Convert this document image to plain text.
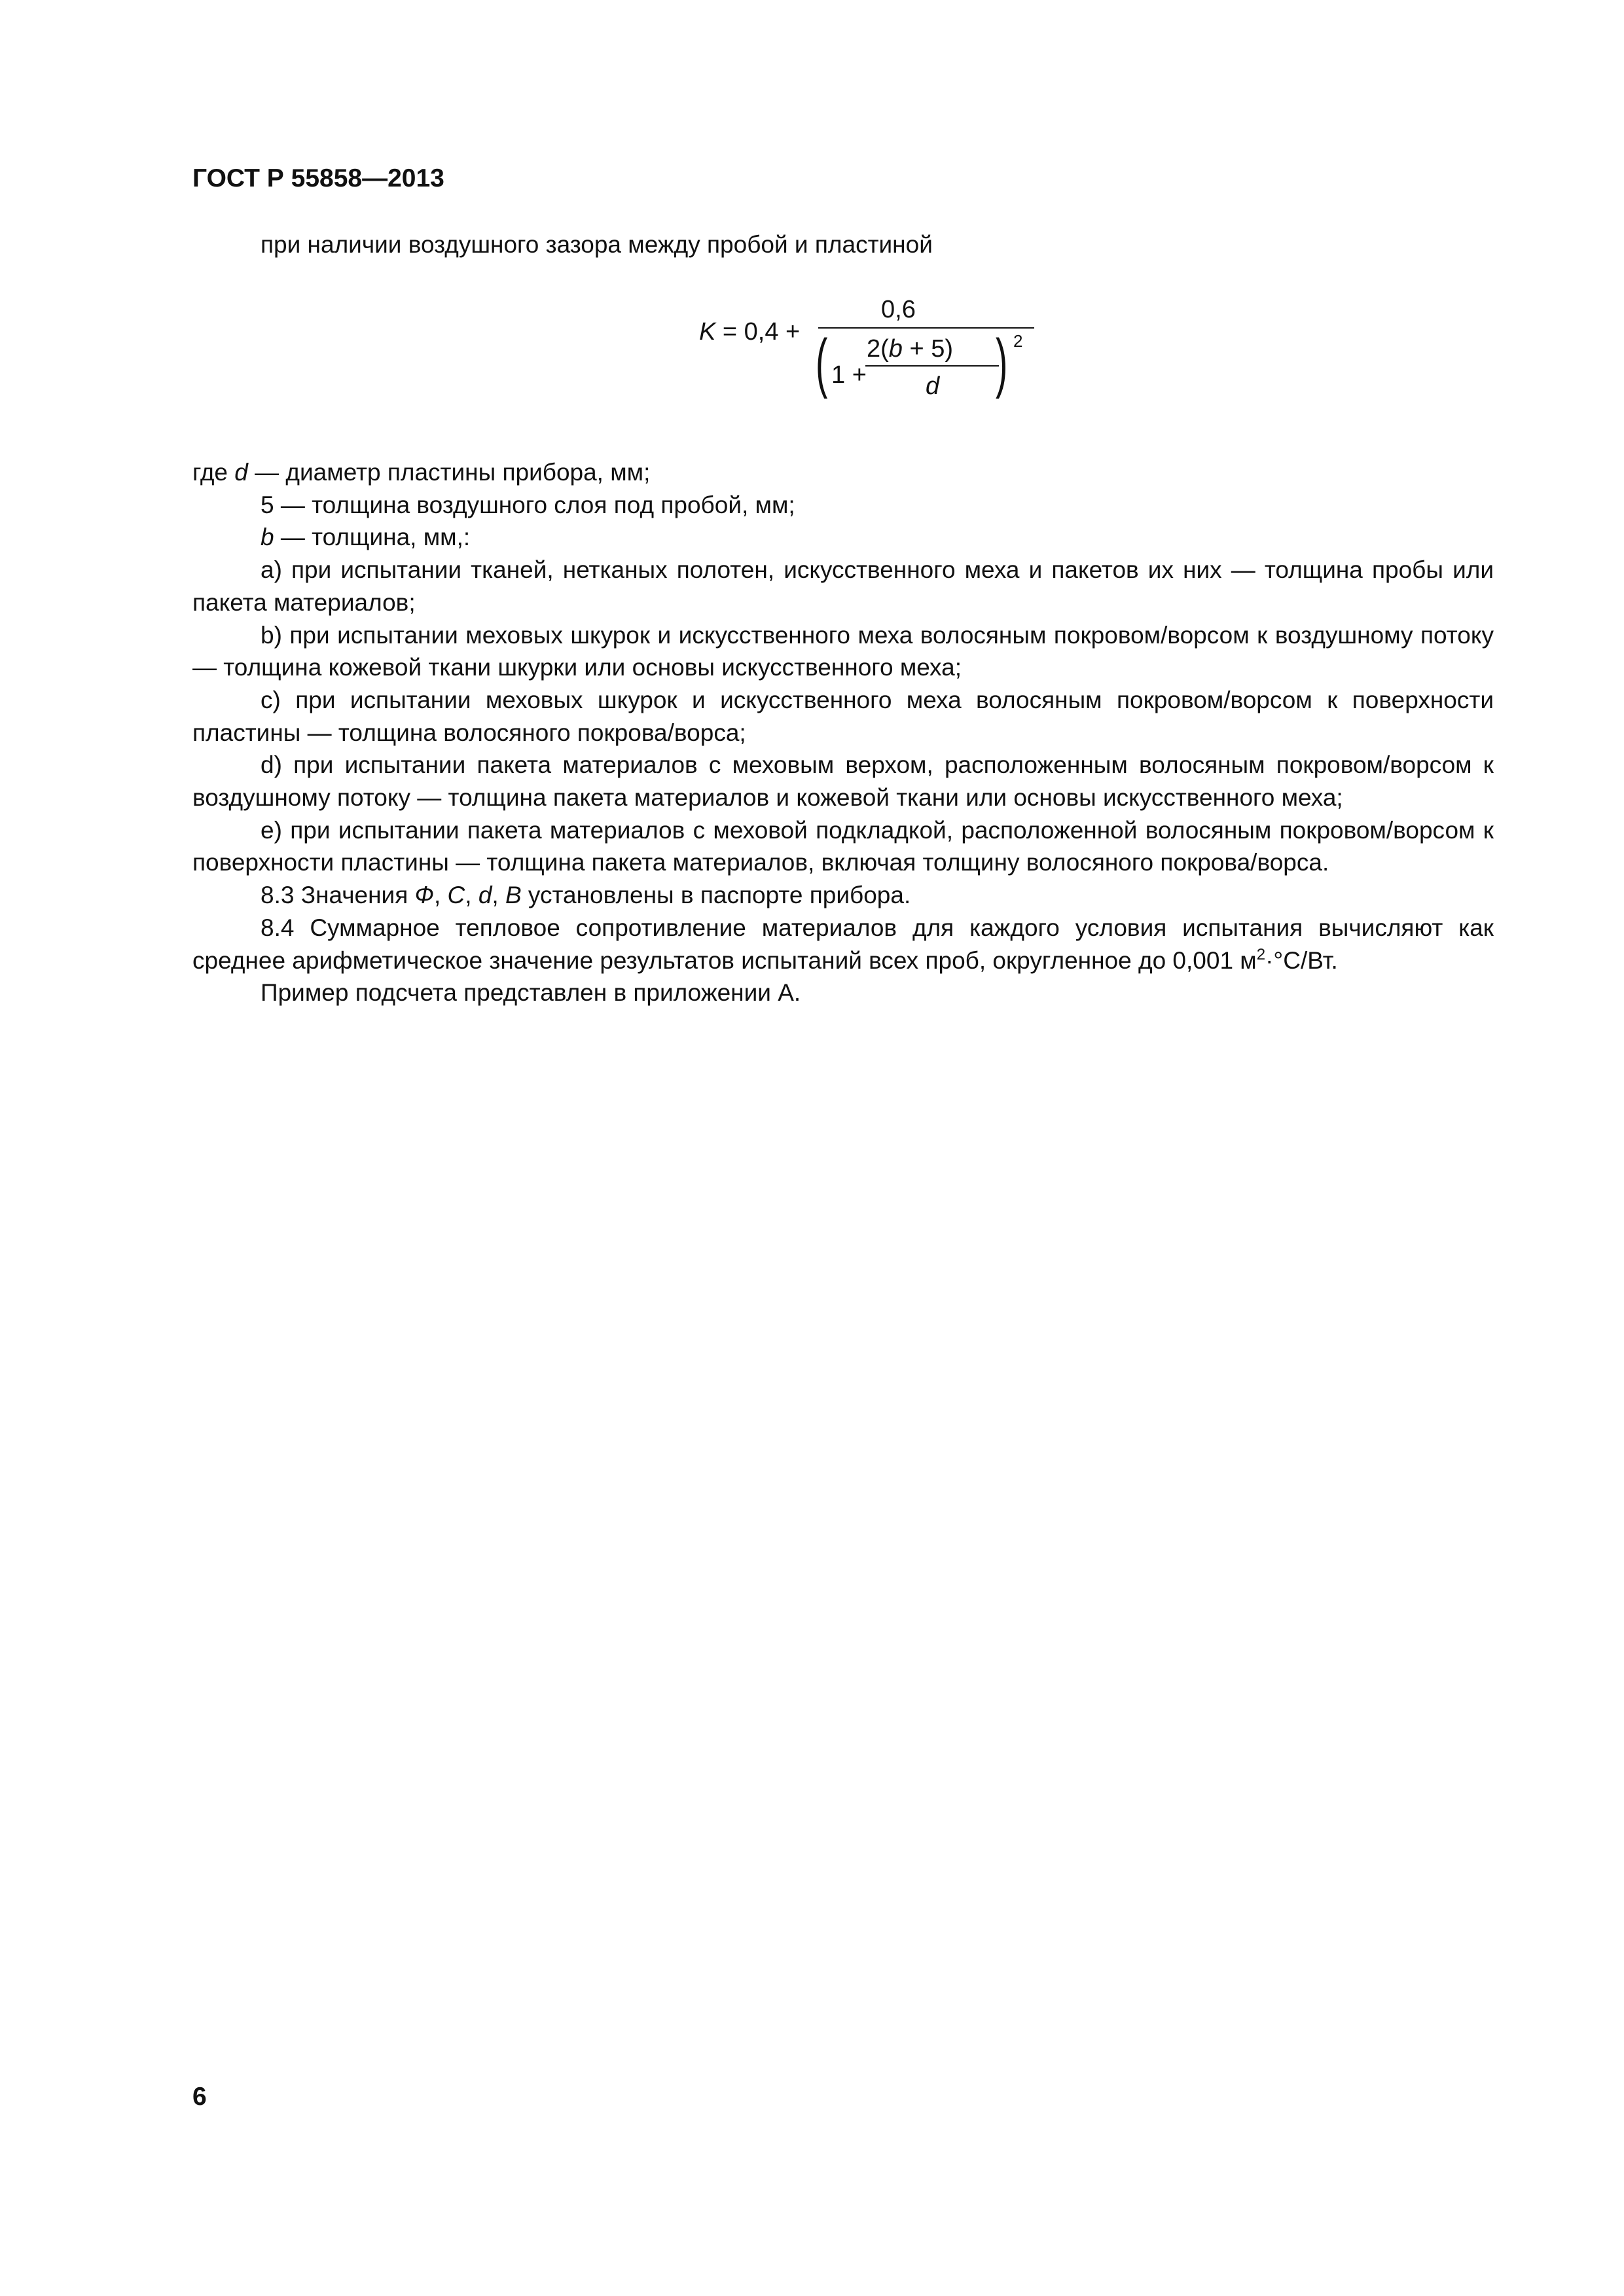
ГОСТ Р 55858—2013
при наличии воздушного зазора между пробой и пластиной
K = 0,4 +
0,6
( 1 +
2(b + 5)
d ) 2

где d — диаметр пластины прибора, мм;

5 — толщина воздушного слоя под пробой, мм;

b — толщина, мм,:

а) при испытании тканей, нетканых полотен, искусственного меха и пакетов их них — толщина пробы или пакета материалов;

b) при испытании меховых шкурок и искусственного меха волосяным покровом/ворсом к воздушному потоку — толщина кожевой ткани шкурки или основы искусственного меха;

с) при испытании меховых шкурок и искусственного меха волосяным покровом/ворсом к поверхности пластины — толщина волосяного покрова/ворса;

d) при испытании пакета материалов с меховым верхом, расположенным волосяным покровом/ворсом к воздушному потоку — толщина пакета материалов и кожевой ткани или основы искусственного меха;

е) при испытании пакета материалов с меховой подкладкой, расположенной волосяным покровом/ворсом к поверхности пластины — толщина пакета материалов, включая толщину волосяного покрова/ворса.

8.3 Значения Ф, С, d, В установлены в паспорте прибора.

8.4 Суммарное тепловое сопротивление материалов для каждого условия испытания вычисляют как среднее арифметическое значение результатов испытаний всех проб, округленное до 0,001 $м^2\cdot^\circ С/Вт$.

Пример подсчета представлен в приложении А.

6
